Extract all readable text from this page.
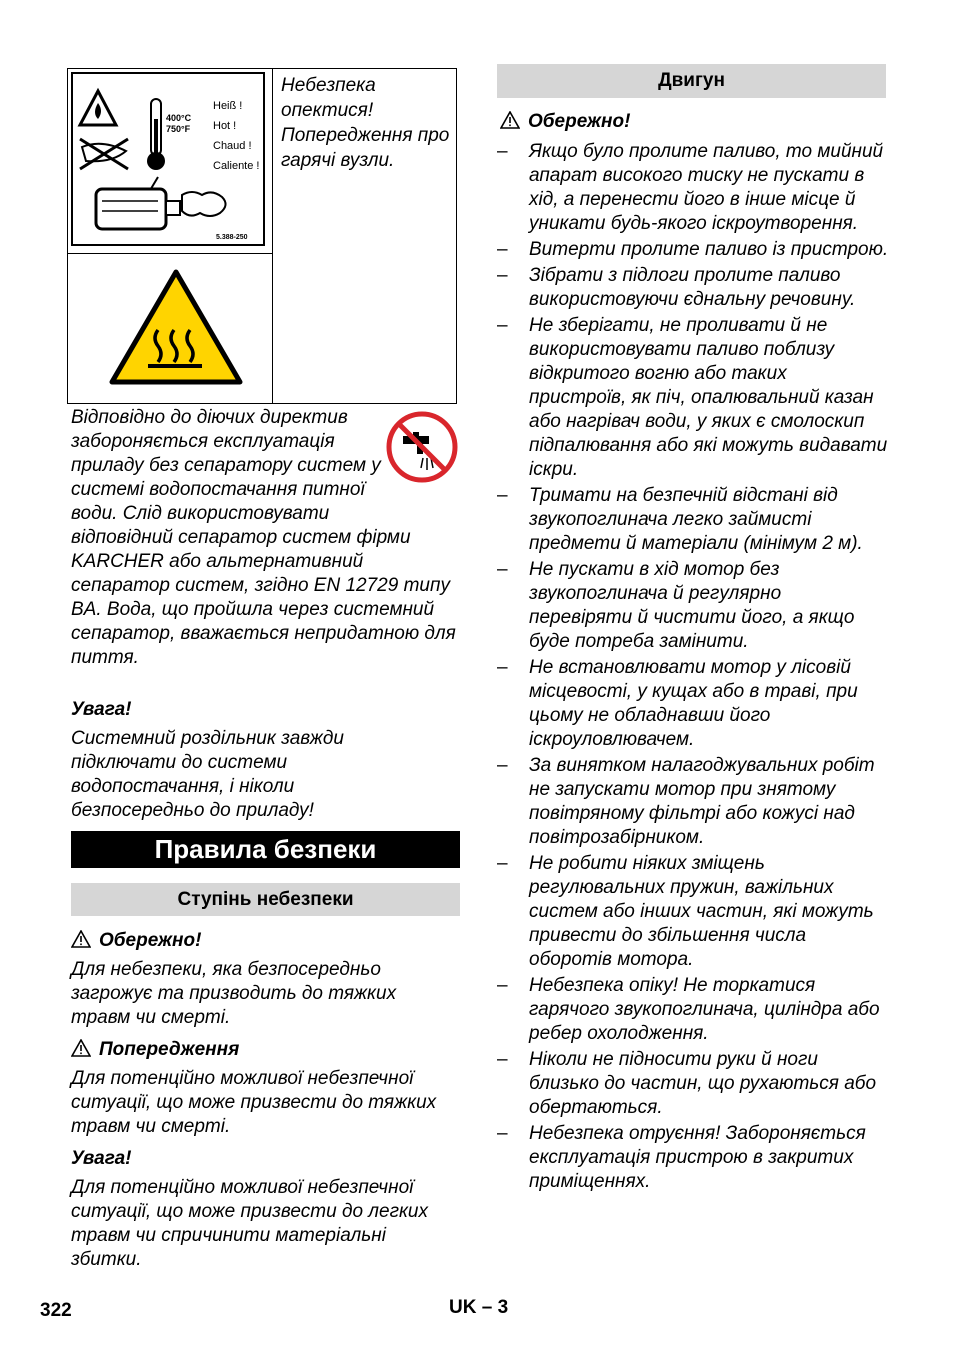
400°C
750°F
Heiß !
Hot !
Chaud !
Caliente !
5.388-250
Небезпека опектися! Попередження про гарячі вузли.
Відповідно до діючих директив забороняється експлуатація приладу без сепаратору систем у системі водопостачання питної води. Слід використовувати відповідний сепаратор систем фірми KARCHER або альтернативний сепаратор систем, згідно EN 12729 типу BA. Вода, що пройшла через системний сепаратор, вважається непридатною для пиття.
Увага!
Системний роздільник завжди підключати до системи водопостачання, і ніколи безпосередньо до приладу!
Правила безпеки
Ступінь небезпеки
Обережно!
Для небезпеки, яка безпосередньо загрожує та призводить до тяжких травм чи смерті.
Попередження
Для потенційно можливої небезпечної ситуації, що може призвести до тяжких травм чи смерті.
Увага!
Для потенційно можливої небезпечної ситуації, що може призвести до легких травм чи спричинити матеріальні збитки.
Двигун
Обережно!
– Якщо було пролите паливо, то мийний апарат високого тиску не пускати в хід, а перенести його в інше місце й уникати будь-якого іскроутворення.
– Витерти пролите паливо із пристрою.
– Зібрати з підлоги пролите паливо використовуючи єднальну речовину.
– Не зберігати, не проливати й не використовувати паливо поблизу відкритого вогню або таких пристроїв, як піч, опалювальний казан або нагрівач води, у яких є смолоскип підпалювання або які можуть видавати іскри.
– Тримати на безпечній відстані від звукопоглинача легко займисті предмети й матеріали (мінімум 2 м).
– Не пускати в хід мотор без звукопоглинача й регулярно перевіряти й чистити його, а якщо буде потреба замінити.
– Не встановлювати мотор у лісовій місцевості, у кущах або в траві, при цьому не обладнавши його іскроуловлювачем.
– За винятком налагоджувальних робіт не запускати мотор при знятому повітряному фільтрі або кожусі над повітрозабірником.
– Не робити ніяких зміщень регулювальних пружин, важільних систем або інших частин, які можуть привести до збільшення числа оборотів мотора.
– Небезпека опіку! Не торкатися гарячого звукопоглинача, циліндра або ребер охолодження.
– Ніколи не підносити руки й ноги близько до частин, що рухаються або обертаються.
– Небезпека отруєння! Забороняється експлуатація пристрою в закритих приміщеннях.
322	UK – 3
